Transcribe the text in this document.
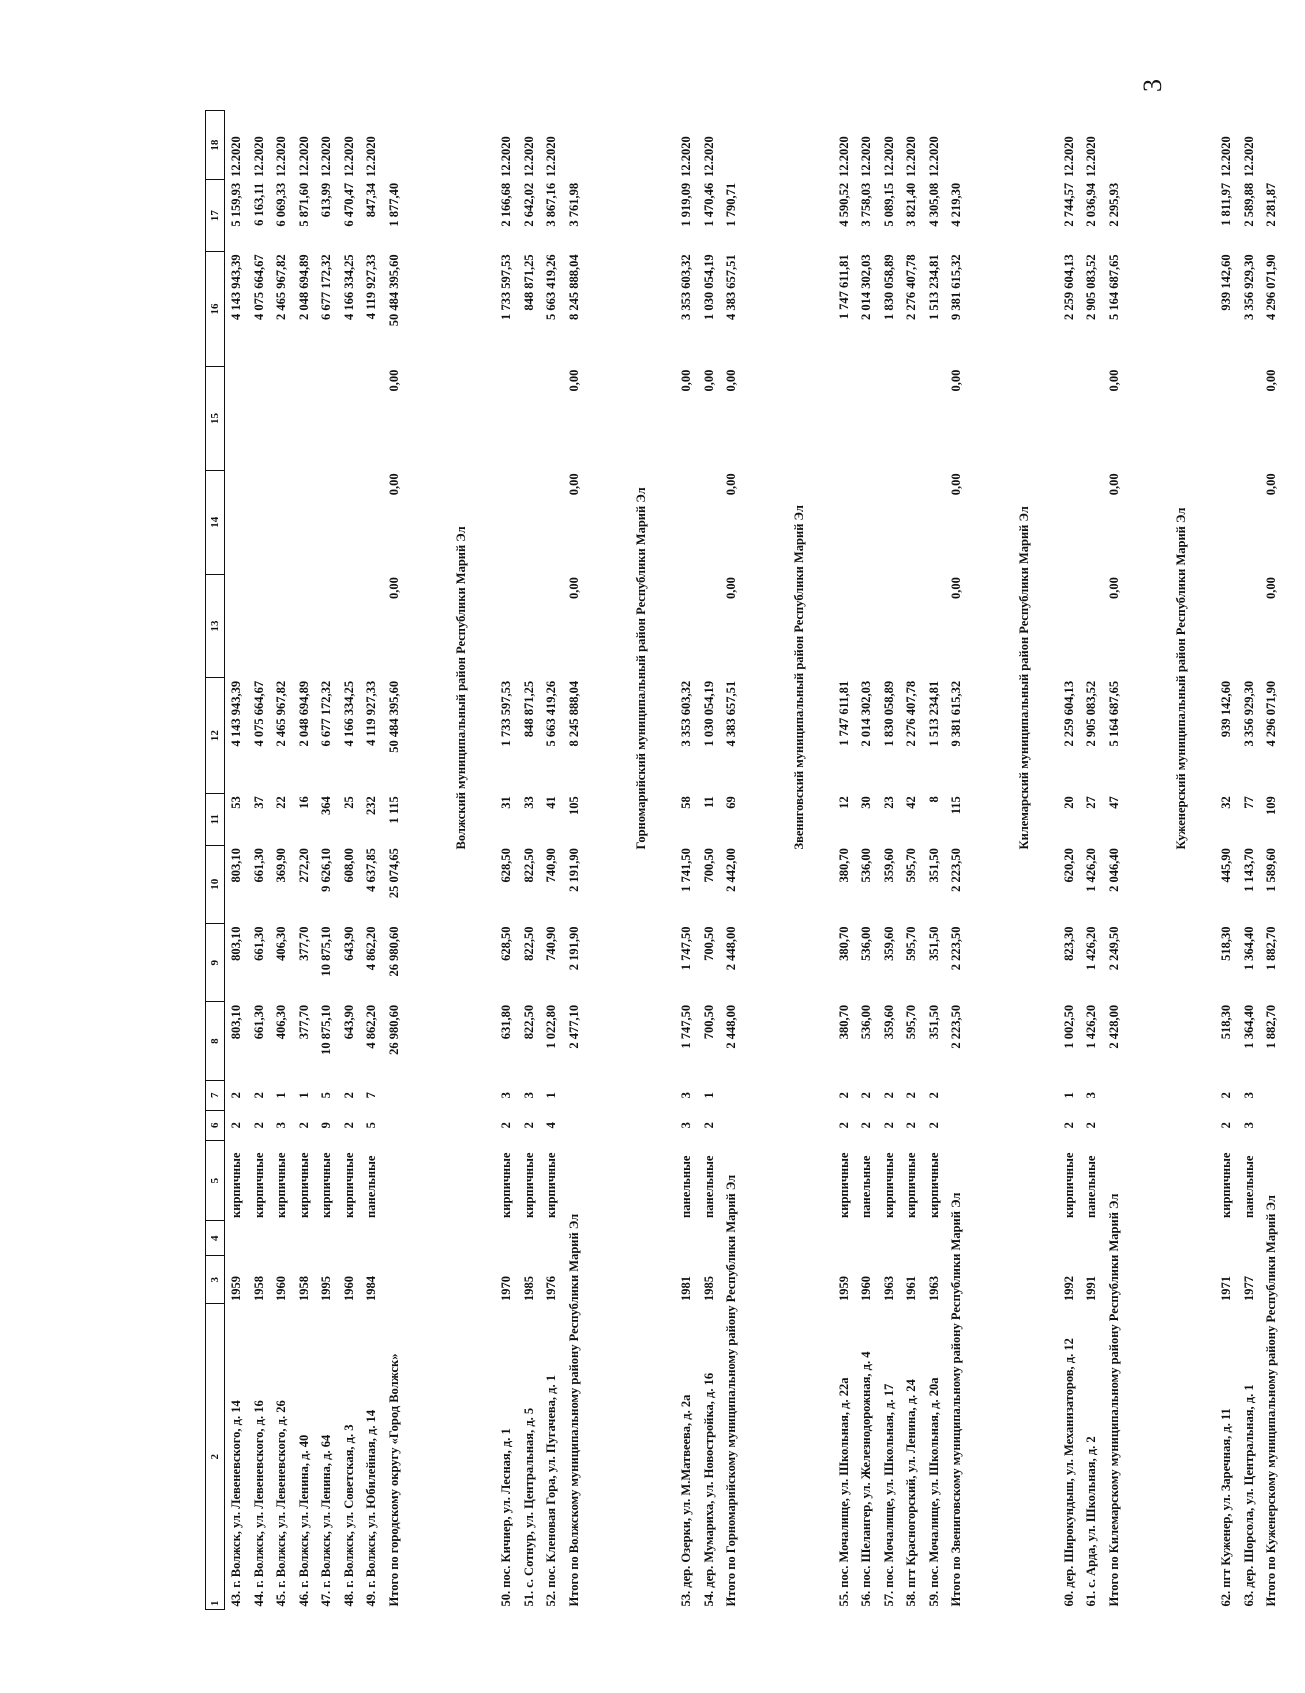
3
1	2	3	4	5	6	7	8	9	10	11	12	13	14	15	16	17	18
	43. г. Волжск, ул. Левеневского, д. 14	1959		кирпичные	2	2	803,10	803,10	803,10	53	4 143 943,39				4 143 943,39	5 159,93	12.2020
	44. г. Волжск, ул. Левеневского, д. 16	1958		кирпичные	2	2	661,30	661,30	661,30	37	4 075 664,67				4 075 664,67	6 163,11	12.2020
	45. г. Волжск, ул. Левеневского, д. 26	1960		кирпичные	3	1	406,30	406,30	369,90	22	2 465 967,82				2 465 967,82	6 069,33	12.2020
	46. г. Волжск, ул. Ленина, д. 40	1958		кирпичные	2	1	377,70	377,70	272,20	16	2 048 694,89				2 048 694,89	5 871,60	12.2020
	47. г. Волжск, ул. Ленина, д. 64	1995		кирпичные	9	5	10 875,10	10 875,10	9 626,10	364	6 677 172,32				6 677 172,32	613,99	12.2020
	48. г. Волжск, ул. Советская, д. 3	1960		кирпичные	2	2	643,90	643,90	608,00	25	4 166 334,25				4 166 334,25	6 470,47	12.2020
	49. г. Волжск, ул. Юбилейная, д. 14	1984		панельные	5	7	4 862,20	4 862,20	4 637,85	232	4 119 927,33				4 119 927,33	847,34	12.2020
	Итого по городскому округу «Город Волжск»						26 980,60	26 980,60	25 074,65	1 115	50 484 395,60	0,00	0,00	0,00	50 484 395,60	1 877,40	

Волжский муниципальный район Республики Марий Эл																

	50. пос. Кичиер, ул. Лесная, д. 1	1970		кирпичные	2	3	631,80	628,50	628,50	31	1 733 597,53				1 733 597,53	2 166,68	12.2020
	51. с. Сотнур, ул. Центральная, д. 5	1985		кирпичные	2	3	822,50	822,50	822,50	33	848 871,25				848 871,25	2 642,02	12.2020
	52. пос. Кленовая Гора, ул. Пугачева, д. 1	1976		кирпичные	4	1	1 022,80	740,90	740,90	41	5 663 419,26				5 663 419,26	3 867,16	12.2020
	Итого по Волжскому муниципальному району Республики Марий Эл						2 477,10	2 191,90	2 191,90	105	8 245 888,04	0,00	0,00	0,00	8 245 888,04	3 761,98	

Горномарийский муниципальный район Республики Марий Эл																

	53. дер. Озерки, ул. М.Матвеева, д. 2а	1981		панельные	3	3	1 747,50	1 747,50	1 741,50	58	3 353 603,32			0,00	3 353 603,32	1 919,09	12.2020
	54. дер. Мумариха, ул. Новостройка, д. 16	1985		панельные	2	1	700,50	700,50	700,50	11	1 030 054,19			0,00	1 030 054,19	1 470,46	12.2020
	Итого по Горномарийскому муниципальному району Республики Марий Эл						2 448,00	2 448,00	2 442,00	69	4 383 657,51	0,00	0,00	0,00	4 383 657,51	1 790,71	

Звениговский муниципальный район Республики Марий Эл																

	55. пос. Мочалище, ул. Школьная, д. 22а	1959		кирпичные	2	2	380,70	380,70	380,70	12	1 747 611,81				1 747 611,81	4 590,52	12.2020
	56. пос. Шелангер, ул. Железнодорожная, д. 4	1960		панельные	2	2	536,00	536,00	536,00	30	2 014 302,03				2 014 302,03	3 758,03	12.2020
	57. пос. Мочалище, ул. Школьная, д. 17	1963		кирпичные	2	2	359,60	359,60	359,60	23	1 830 058,89				1 830 058,89	5 089,15	12.2020
	58. пгт Красногорский, ул. Ленина, д. 24	1961		кирпичные	2	2	595,70	595,70	595,70	42	2 276 407,78				2 276 407,78	3 821,40	12.2020
	59. пос. Мочалище, ул. Школьная, д. 20а	1963		кирпичные	2	2	351,50	351,50	351,50	8	1 513 234,81				1 513 234,81	4 305,08	12.2020
	Итого по Звениговскому муниципальному району Республики Марий Эл						2 223,50	2 223,50	2 223,50	115	9 381 615,32	0,00	0,00	0,00	9 381 615,32	4 219,30	

Килемарский муниципальный район Республики Марий Эл																

	60. дер. Широкундыш, ул. Механизаторов, д. 12	1992		кирпичные	2	1	1 002,50	823,30	620,20	20	2 259 604,13				2 259 604,13	2 744,57	12.2020
	61. с. Арда, ул. Школьная, д. 2	1991		панельные	2	3	1 426,20	1 426,20	1 426,20	27	2 905 083,52				2 905 083,52	2 036,94	12.2020
	Итого по Килемарскому муниципальному району Республики Марий Эл						2 428,00	2 249,50	2 046,40	47	5 164 687,65	0,00	0,00	0,00	5 164 687,65	2 295,93	

Куженерский муниципальный район Республики Марий Эл																

	62. пгт Куженер, ул. Заречная, д. 11	1971		кирпичные	2	2	518,30	518,30	445,90	32	939 142,60				939 142,60	1 811,97	12.2020
	63. дер. Шорсола, ул. Центральная, д. 1	1977		панельные	3	3	1 364,40	1 364,40	1 143,70	77	3 356 929,30				3 356 929,30	2 589,88	12.2020
	Итого по Куженерскому муниципальному району Республики Марий Эл						1 882,70	1 882,70	1 589,60	109	4 296 071,90	0,00	0,00	0,00	4 296 071,90	2 281,87	
